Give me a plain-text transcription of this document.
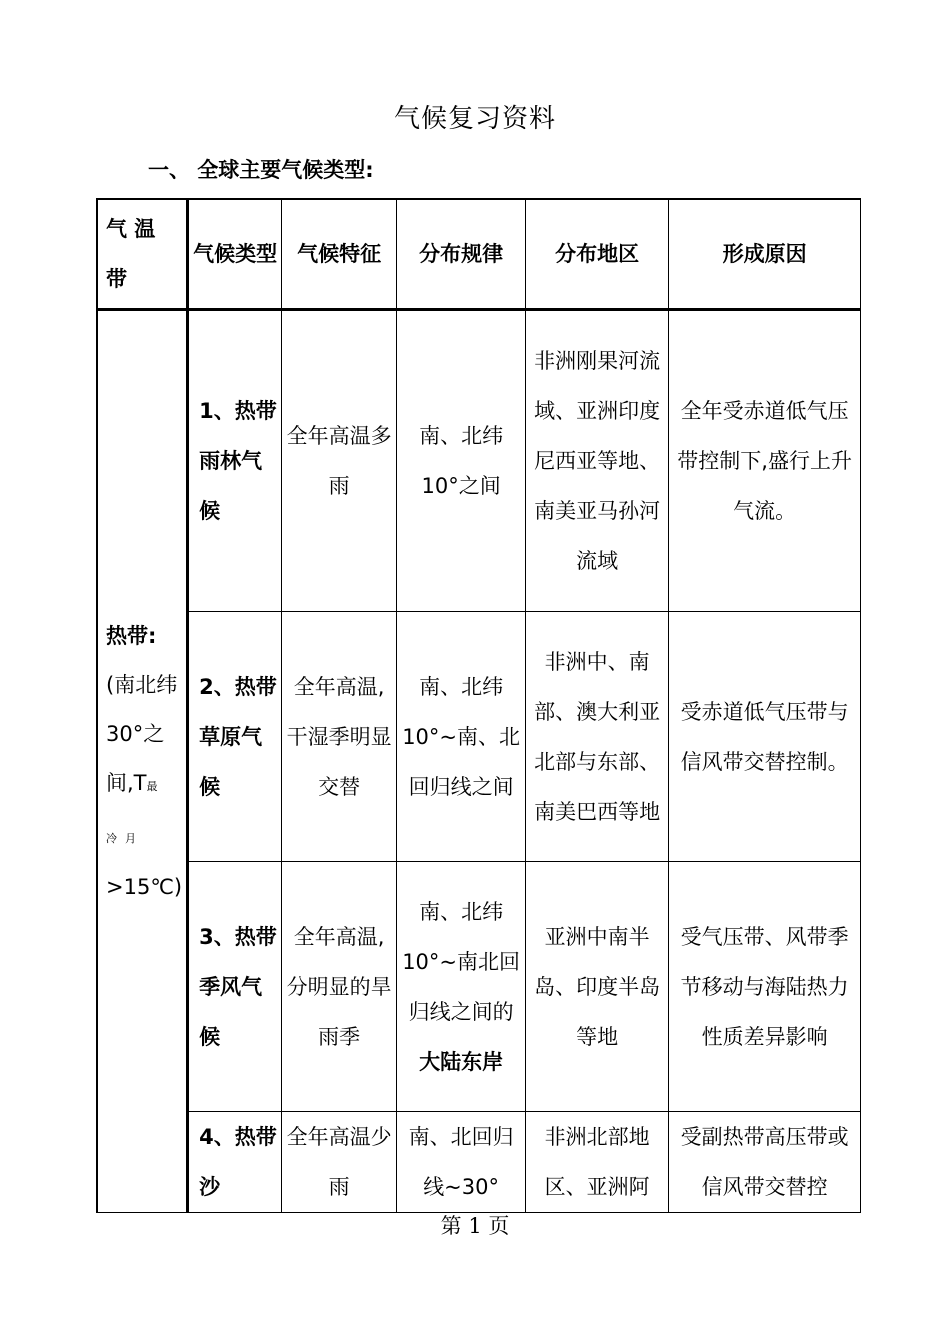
气候复习资料
一、 全球主要气候类型:
气 温 带	气候类型	气候特征	分布规律	分布地区	形成原因
热带:
(南北纬30°之间,T最冷月>15℃)	1、热带雨林气候	全年高温多雨	南、北纬10°之间	非洲刚果河流域、亚洲印度尼西亚等地、南美亚马孙河流域	全年受赤道低气压带控制下,盛行上升气流。
	2、热带草原气候	全年高温,干湿季明显交替	南、北纬10°~南、北回归线之间	非洲中、南部、澳大利亚北部与东部、南美巴西等地	受赤道低气压带与信风带交替控制。
	3、热带季风气候	全年高温,分明显的旱雨季	南、北纬10°~南北回归线之间的大陆东岸	亚洲中南半岛、印度半岛等地	受气压带、风带季节移动与海陆热力性质差异影响
	4、热带沙	全年高温少雨	南、北回归线~30°	非洲北部地区、亚洲阿	受副热带高压带或信风带交替控
第 1 页
